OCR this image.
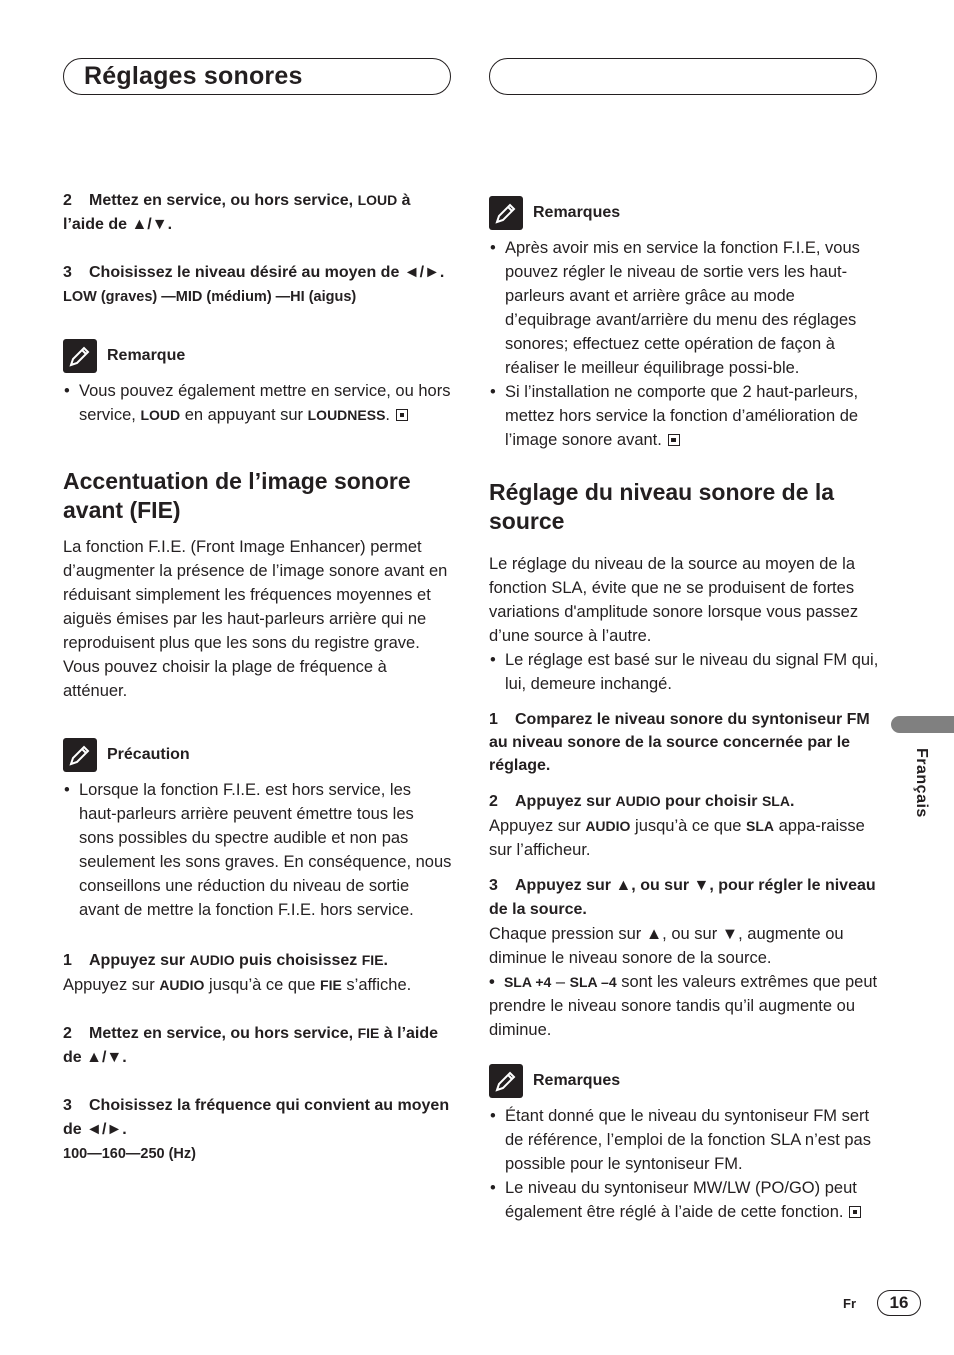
Réglages sonores

2 Mettez en service, ou hors service, LOUD à l’aide de ▲/▼.

3 Choisissez le niveau désiré au moyen de ◄/►.

LOW (graves) —MID (médium) —HI (aigus)

Remarque
• Vous pouvez également mettre en service, ou hors service, LOUD en appuyant sur LOUDNESS.
Accentuation de l’image sonore avant (FIE)

La fonction F.I.E. (Front Image Enhancer) permet d’augmenter la présence de l’image sonore avant en réduisant simplement les fréquences moyennes et aiguës émises par les haut-parleurs arrière qui ne reproduisent plus que les sons du registre grave. Vous pouvez choisir la plage de fréquence à atténuer.

Précaution
• Lorsque la fonction F.I.E. est hors service, les haut-parleurs arrière peuvent émettre tous les sons possibles du spectre audible et non pas seulement les sons graves. En conséquence, nous conseillons une réduction du niveau de sortie avant de mettre la fonction F.I.E. hors service.

1 Appuyez sur AUDIO puis choisissez FIE.

Appuyez sur AUDIO jusqu’à ce que FIE s’affiche.

2 Mettez en service, ou hors service, FIE à l’aide de ▲/▼.

3 Choisissez la fréquence qui convient au moyen de ◄/►.

100—160—250 (Hz)

Remarques
• Après avoir mis en service la fonction F.I.E, vous pouvez régler le niveau de sortie vers les haut-parleurs avant et arrière grâce au mode d’equibrage avant/arrière du menu des réglages sonores; effectuez cette opération de façon à réaliser le meilleur équilibrage possi-ble.
• Si l’installation ne comporte que 2 haut-parleurs, mettez hors service la fonction d’amélioration de l’image sonore avant.
Réglage du niveau sonore de la source

Le réglage du niveau de la source au moyen de la fonction SLA, évite que ne se produisent de fortes variations d'amplitude sonore lorsque vous passez d’une source à l’autre.

• Le réglage est basé sur le niveau du signal FM qui, lui, demeure inchangé.

1 Comparez le niveau sonore du syntoniseur FM au niveau sonore de la source concernée par le réglage.

2 Appuyez sur AUDIO pour choisir SLA.

Appuyez sur AUDIO jusqu’à ce que SLA appa-raisse sur l’afficheur.

3 Appuyez sur ▲, ou sur ▼, pour régler le niveau de la source.

Chaque pression sur ▲, ou sur ▼, augmente ou diminue le niveau sonore de la source.

•  SLA +4 – SLA –4 sont les valeurs extrêmes que peut prendre le niveau sonore tandis qu’il augmente ou diminue.

Remarques
• Étant donné que le niveau du syntoniseur FM sert de référence, l’emploi de la fonction SLA n’est pas possible pour le syntoniseur FM.
• Le niveau du syntoniseur MW/LW (PO/GO) peut également être réglé à l’aide de cette fonction.
Français
Fr	16
